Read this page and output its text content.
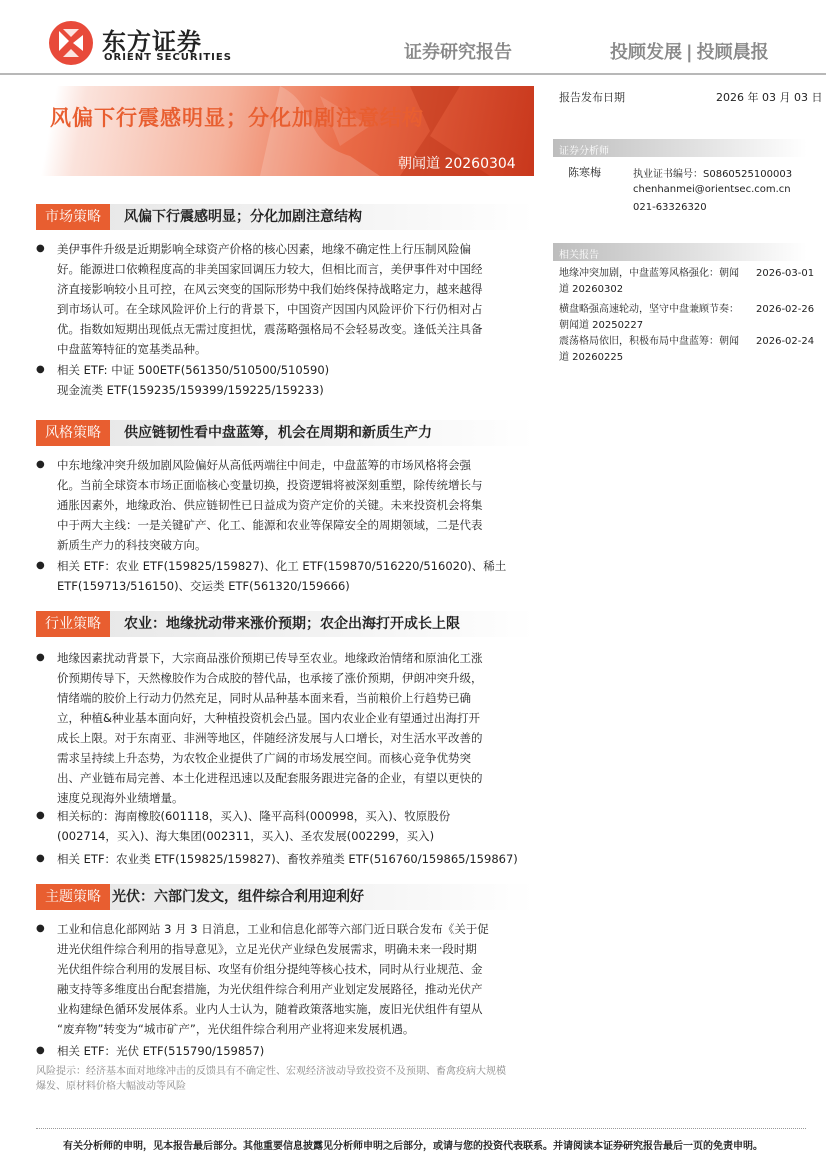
东方证券
ORIENT SECURITIES	证券研究报告	投顾发展 | 投顾晨报
风偏下行震感明显；分化加剧注意结构
朝闻道 20260304
报告发布日期	2026 年 03 月 03 日
证券分析师
陈寒梅	执业证书编号：S0860525100003
chenhanmei@orientsec.com.cn
021-63326320
相关报告
地缘冲突加剧，中盘蓝筹风格强化：朝闻
道 20260302
2026-03-01
横盘略强高速轮动，坚守中盘兼顾节奏：
朝闻道 20250227
2026-02-26
震荡格局依旧，积极布局中盘蓝筹：朝闻
道 20260225
2026-02-24
市场策略	风偏下行震感明显；分化加剧注意结构
● 美伊事件升级是近期影响全球资产价格的核心因素，地缘不确定性上行压制风险偏
好。能源进口依赖程度高的非美国家回调压力较大，但相比而言，美伊事件对中国经
济直接影响较小且可控，在风云突变的国际形势中我们始终保持战略定力，越来越得
到市场认可。在全球风险评价上行的背景下，中国资产因国内风险评价下行仍相对占
优。指数如短期出现低点无需过度担忧，震荡略强格局不会轻易改变。逢低关注具备
中盘蓝筹特征的宽基类品种。
● 相关 ETF: 中证 500ETF(561350/510500/510590)
现金流类 ETF(159235/159399/159225/159233)
风格策略	供应链韧性看中盘蓝筹，机会在周期和新质生产力
● 中东地缘冲突升级加剧风险偏好从高低两端往中间走，中盘蓝筹的市场风格将会强
化。当前全球资本市场正面临核心变量切换，投资逻辑将被深刻重塑，除传统增长与
通胀因素外，地缘政治、供应链韧性已日益成为资产定价的关键。未来投资机会将集
中于两大主线：一是关键矿产、化工、能源和农业等保障安全的周期领域，二是代表
新质生产力的科技突破方向。
● 相关 ETF：农业 ETF(159825/159827)、化工 ETF(159870/516220/516020)、稀土
ETF(159713/516150)、交运类 ETF(561320/159666)
行业策略	农业：地缘扰动带来涨价预期；农企出海打开成长上限
● 地缘因素扰动背景下，大宗商品涨价预期已传导至农业。地缘政治情绪和原油化工涨
价预期传导下，天然橡胶作为合成胶的替代品，也承接了涨价预期，伊朗冲突升级，
情绪端的胶价上行动力仍然充足，同时从品种基本面来看，当前粮价上行趋势已确
立，种植&种业基本面向好，大种植投资机会凸显。国内农业企业有望通过出海打开
成长上限。对于东南亚、非洲等地区，伴随经济发展与人口增长，对生活水平改善的
需求呈持续上升态势，为农牧企业提供了广阔的市场发展空间。而核心竞争优势突
出、产业链布局完善、本土化进程迅速以及配套服务跟进完备的企业，有望以更快的
速度兑现海外业绩增量。
● 相关标的：海南橡胶(601118，买入)、隆平高科(000998，买入)、牧原股份
(002714，买入)、海大集团(002311，买入)、圣农发展(002299，买入)
● 相关 ETF：农业类 ETF(159825/159827)、畜牧养殖类 ETF(516760/159865/159867)
主题策略 光伏：六部门发文，组件综合利用迎利好
● 工业和信息化部网站 3 月 3 日消息，工业和信息化部等六部门近日联合发布《关于促
进光伏组件综合利用的指导意见》，立足光伏产业绿色发展需求，明确未来一段时期
光伏组件综合利用的发展目标、攻坚有价组分提纯等核心技术，同时从行业规范、金
融支持等多维度出台配套措施，为光伏组件综合利用产业划定发展路径，推动光伏产
业构建绿色循环发展体系。业内人士认为，随着政策落地实施，废旧光伏组件有望从
“废弃物”转变为“城市矿产”，光伏组件综合利用产业将迎来发展机遇。
● 相关 ETF：光伏 ETF(515790/159857)
风险提示：经济基本面对地缘冲击的反馈具有不确定性、宏观经济波动导致投资不及预期、畜禽疫病大规模
爆发、原材料价格大幅波动等风险
有关分析师的申明，见本报告最后部分。其他重要信息披露见分析师申明之后部分，或请与您的投资代表联系。并请阅读本证券研究报告最后一页的免责申明。
